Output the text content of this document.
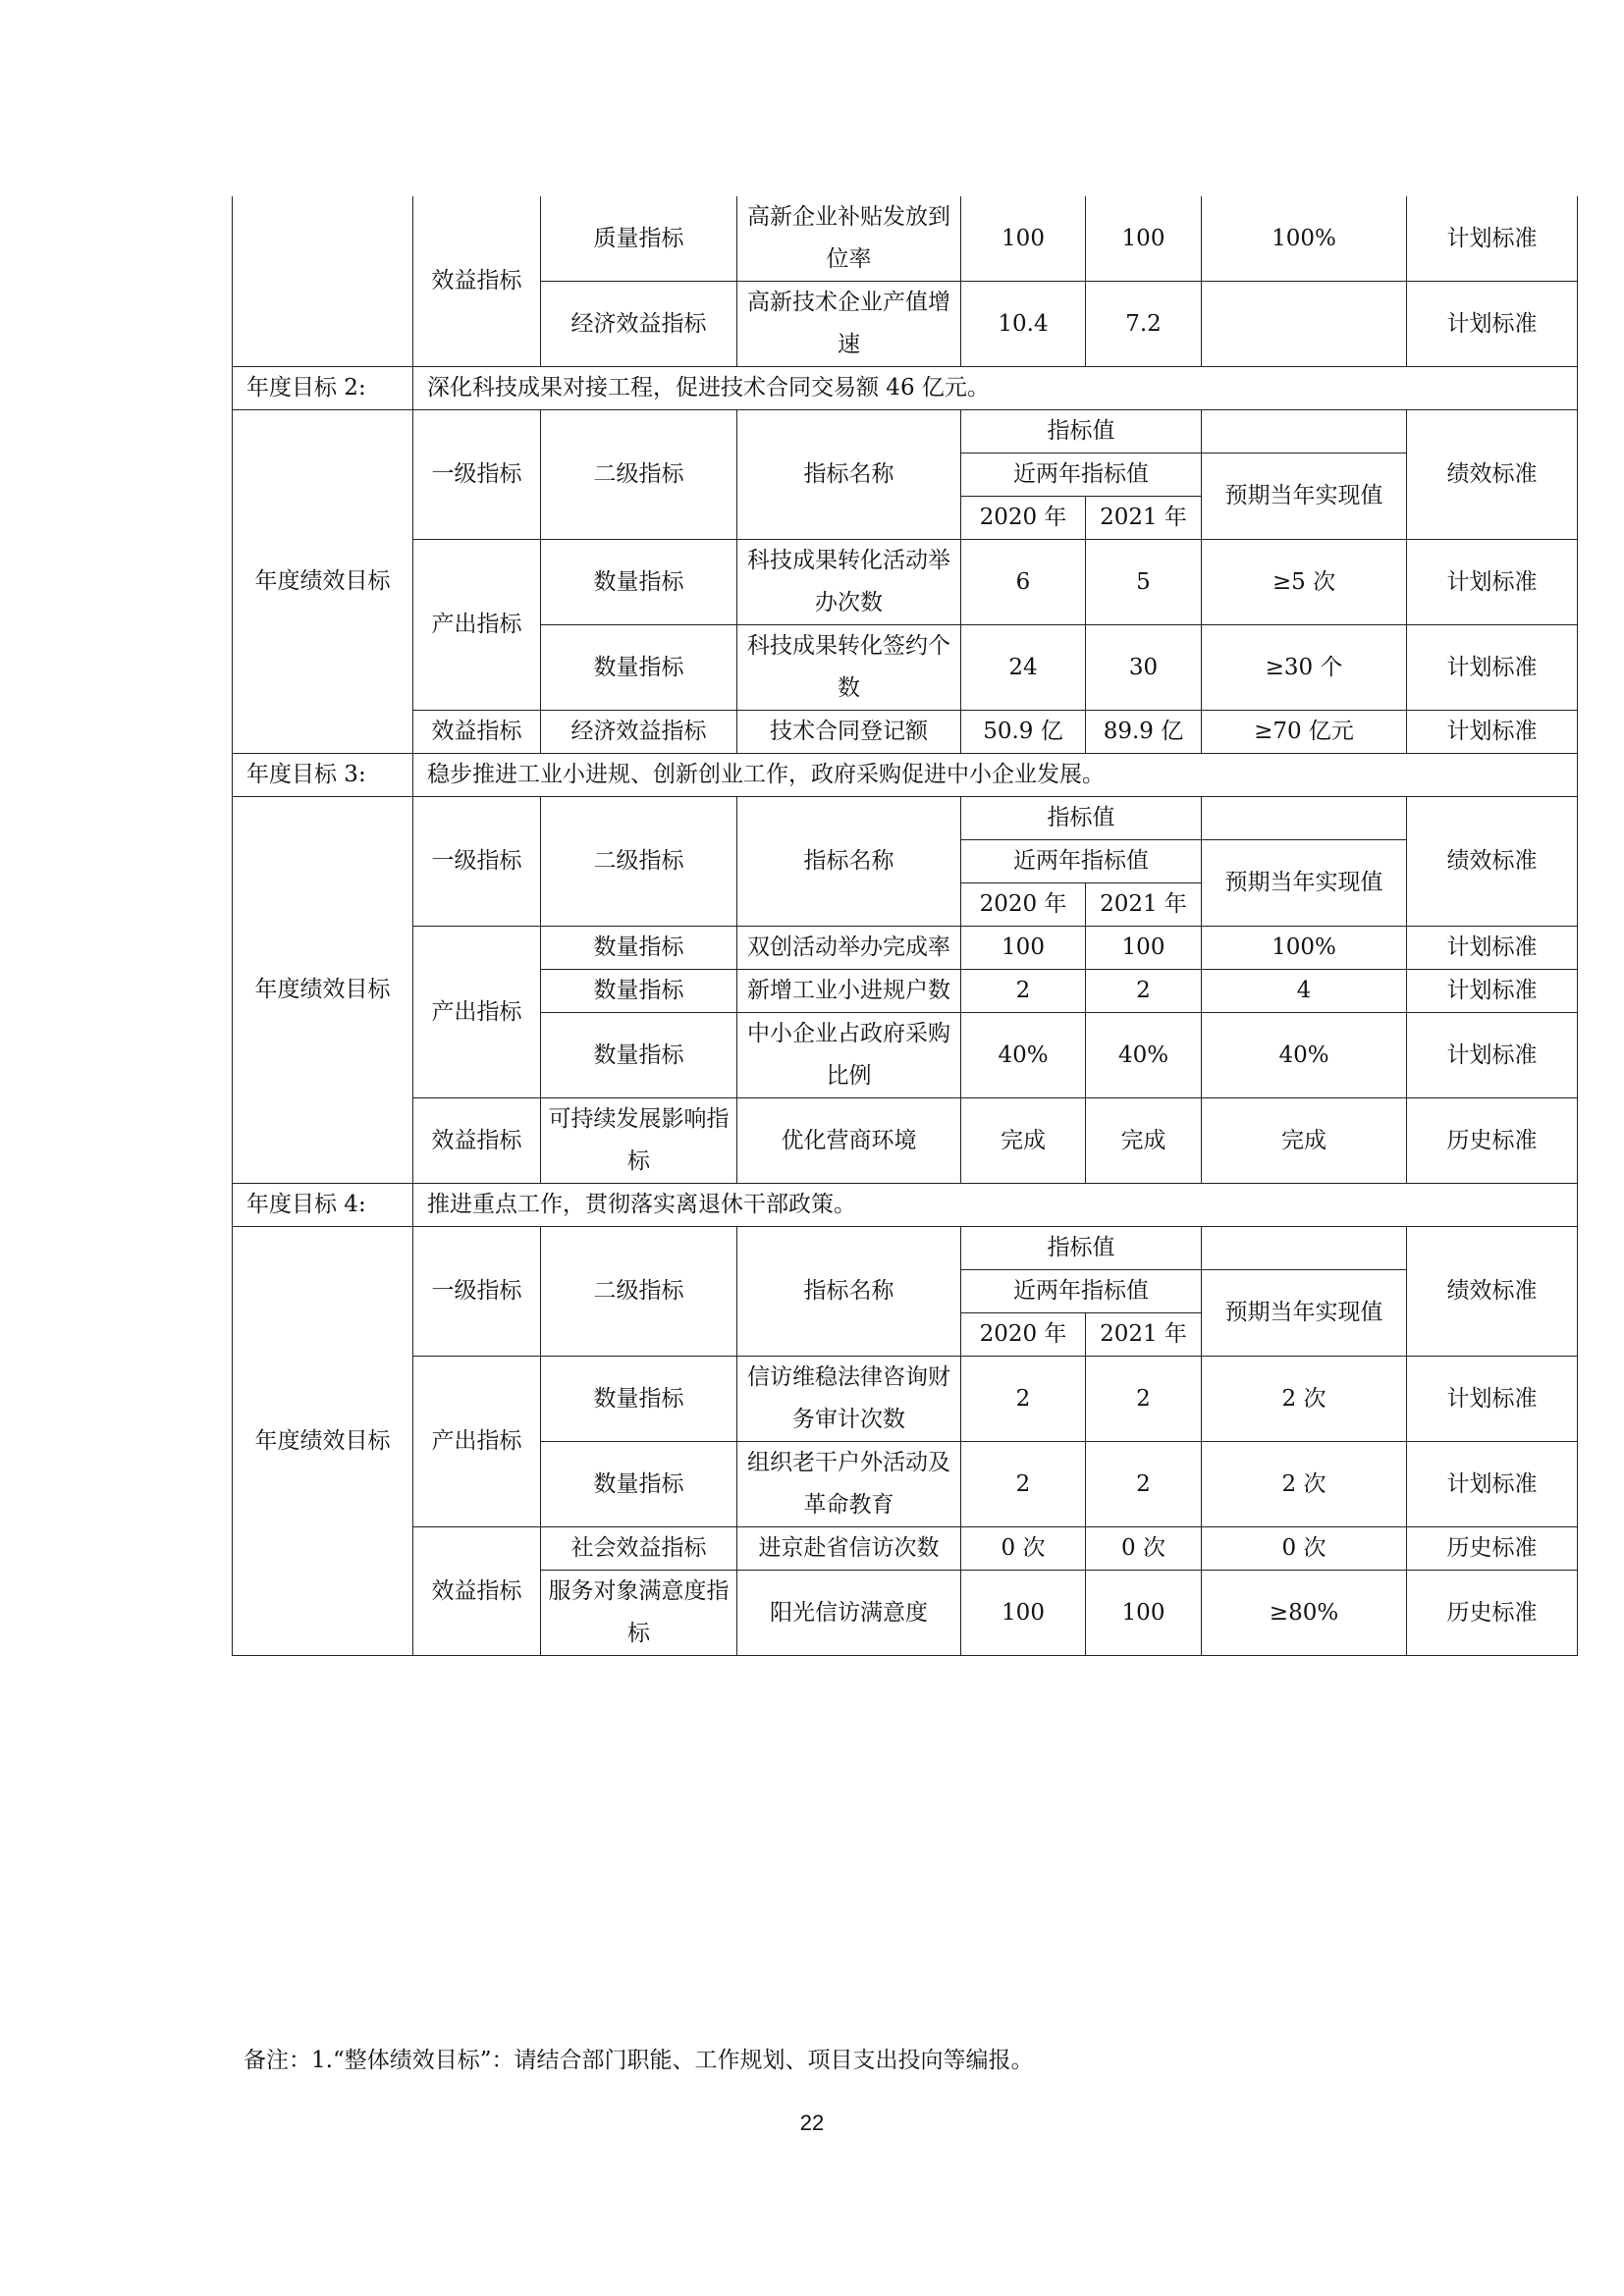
	效益指标	质量指标	高新企业补贴发放到位率	100	100	100%	计划标准
		经济效益指标	高新技术企业产值增速	10.4	7.2		计划标准
年度目标 2:	深化科技成果对接工程，促进技术合同交易额 46 亿元。						
年度绩效目标	一级指标	二级指标	指标名称	指标值			绩效标准
				近两年指标值		预期当年实现值	
				2020 年	2021 年		
	产出指标	数量指标	科技成果转化活动举办次数	6	5	≥5 次	计划标准
		数量指标	科技成果转化签约个数	24	30	≥30 个	计划标准
	效益指标	经济效益指标	技术合同登记额	50.9 亿	89.9 亿	≥70 亿元	计划标准
年度目标 3:	稳步推进工业小进规、创新创业工作，政府采购促进中小企业发展。						
年度绩效目标	一级指标	二级指标	指标名称	指标值			绩效标准
				近两年指标值		预期当年实现值	
				2020 年	2021 年		
	产出指标	数量指标	双创活动举办完成率	100	100	100%	计划标准
		数量指标	新增工业小进规户数	2	2	4	计划标准
		数量指标	中小企业占政府采购比例	40%	40%	40%	计划标准
	效益指标	可持续发展影响指标	优化营商环境	完成	完成	完成	历史标准
年度目标 4:	推进重点工作，贯彻落实离退休干部政策。						
年度绩效目标	一级指标	二级指标	指标名称	指标值			绩效标准
				近两年指标值		预期当年实现值	
				2020 年	2021 年		
	产出指标	数量指标	信访维稳法律咨询财务审计次数	2	2	2 次	计划标准
		数量指标	组织老干户外活动及革命教育	2	2	2 次	计划标准
	效益指标	社会效益指标	进京赴省信访次数	0 次	0 次	0 次	历史标准
		服务对象满意度指标	阳光信访满意度	100	100	≥80%	历史标准
备注：1.“整体绩效目标”：请结合部门职能、工作规划、项目支出投向等编报。
22
